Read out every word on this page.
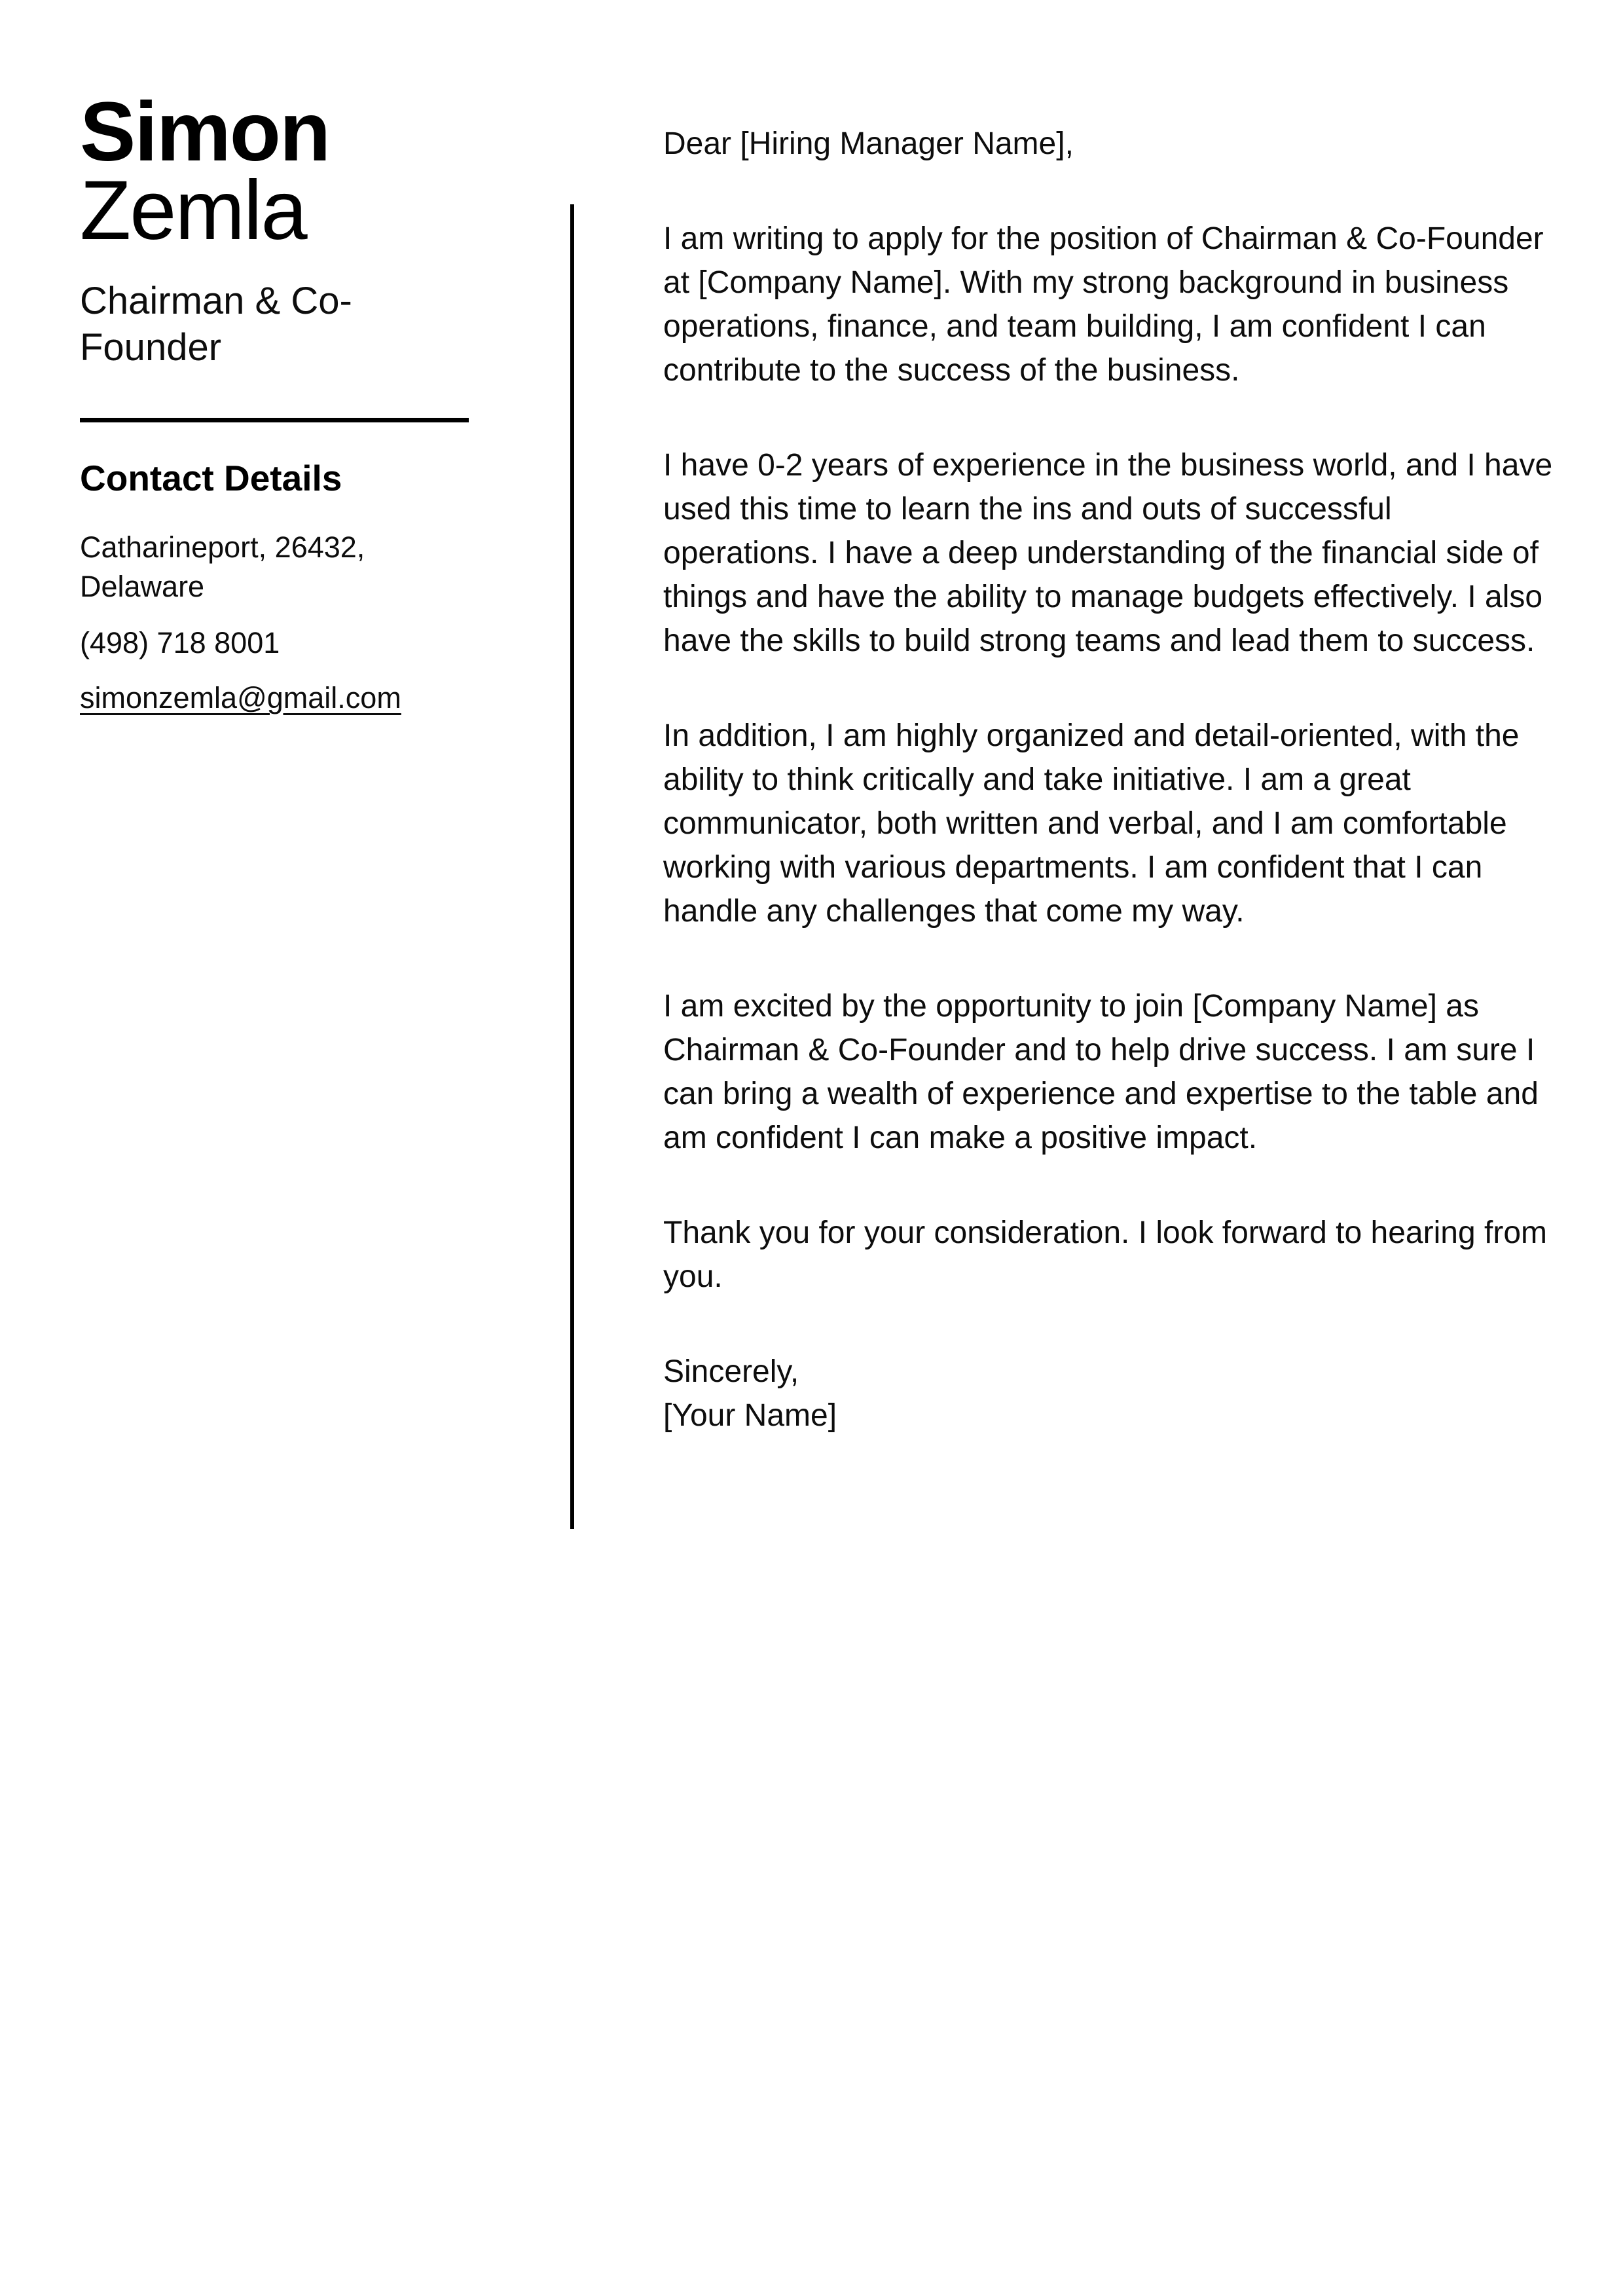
Simon
Zemla
Chairman & Co-Founder
Contact Details
Catharineport, 26432, Delaware
(498) 718 8001
simonzemla@gmail.com

Dear [Hiring Manager Name],

I am writing to apply for the position of Chairman & Co-Founder at [Company Name]. With my strong background in business operations, finance, and team building, I am confident I can contribute to the success of the business.

I have 0-2 years of experience in the business world, and I have used this time to learn the ins and outs of successful operations. I have a deep understanding of the financial side of things and have the ability to manage budgets effectively. I also have the skills to build strong teams and lead them to success.

In addition, I am highly organized and detail-oriented, with the ability to think critically and take initiative. I am a great communicator, both written and verbal, and I am comfortable working with various departments. I am confident that I can handle any challenges that come my way.

I am excited by the opportunity to join [Company Name] as Chairman & Co-Founder and to help drive success. I am sure I can bring a wealth of experience and expertise to the table and am confident I can make a positive impact.

Thank you for your consideration. I look forward to hearing from you.

Sincerely,

[Your Name]
